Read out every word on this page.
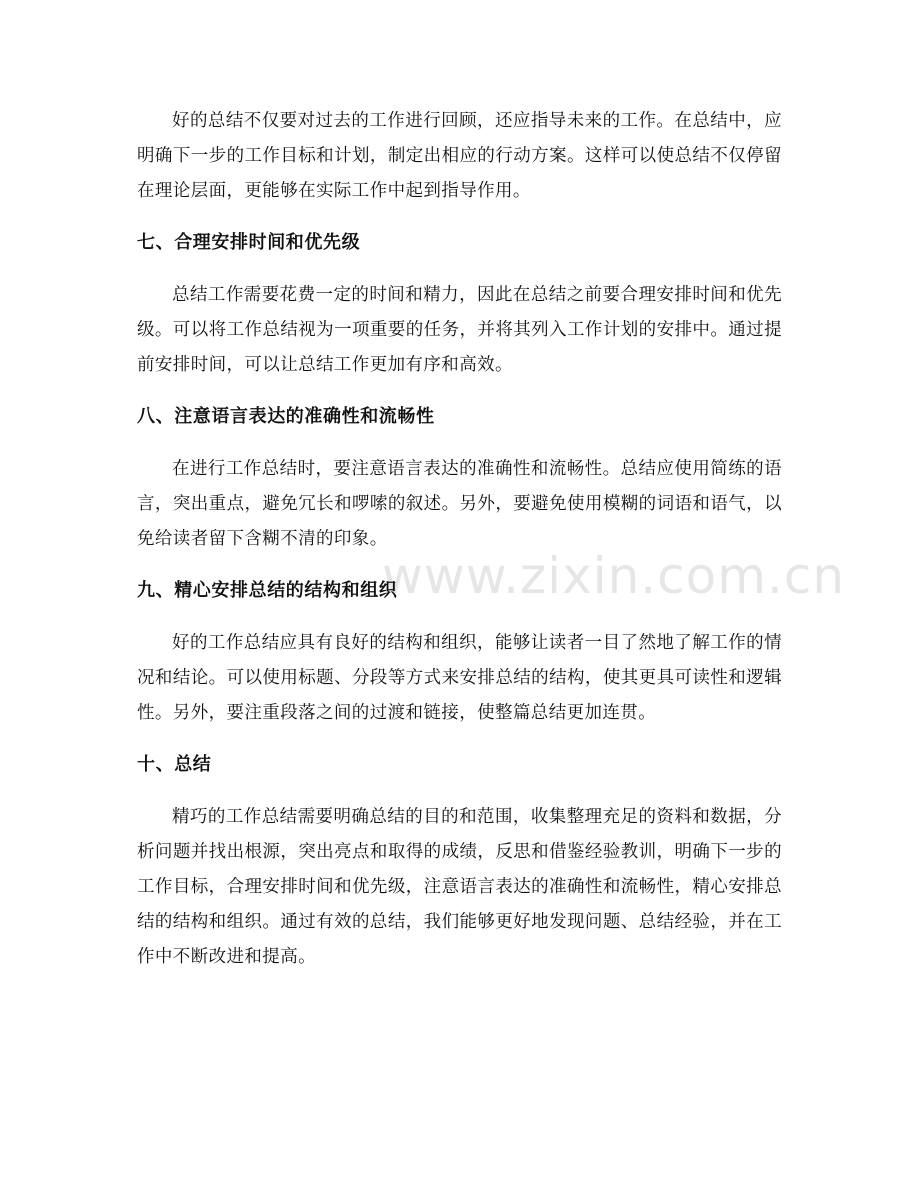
www.zixin.com.cn
好的总结不仅要对过去的工作进行回顾，还应指导未来的工作。在总结中，应
明确下一步的工作目标和计划，制定出相应的行动方案。这样可以使总结不仅停留
在理论层面，更能够在实际工作中起到指导作用。
七、合理安排时间和优先级
总结工作需要花费一定的时间和精力，因此在总结之前要合理安排时间和优先
级。可以将工作总结视为一项重要的任务，并将其列入工作计划的安排中。通过提
前安排时间，可以让总结工作更加有序和高效。
八、注意语言表达的准确性和流畅性
在进行工作总结时，要注意语言表达的准确性和流畅性。总结应使用简练的语
言，突出重点，避免冗长和啰嗦的叙述。另外，要避免使用模糊的词语和语气，以
免给读者留下含糊不清的印象。
九、精心安排总结的结构和组织
好的工作总结应具有良好的结构和组织，能够让读者一目了然地了解工作的情
况和结论。可以使用标题、分段等方式来安排总结的结构，使其更具可读性和逻辑
性。另外，要注重段落之间的过渡和链接，使整篇总结更加连贯。
十、总结
精巧的工作总结需要明确总结的目的和范围，收集整理充足的资料和数据，分
析问题并找出根源，突出亮点和取得的成绩，反思和借鉴经验教训，明确下一步的
工作目标，合理安排时间和优先级，注意语言表达的准确性和流畅性，精心安排总
结的结构和组织。通过有效的总结，我们能够更好地发现问题、总结经验，并在工
作中不断改进和提高。
